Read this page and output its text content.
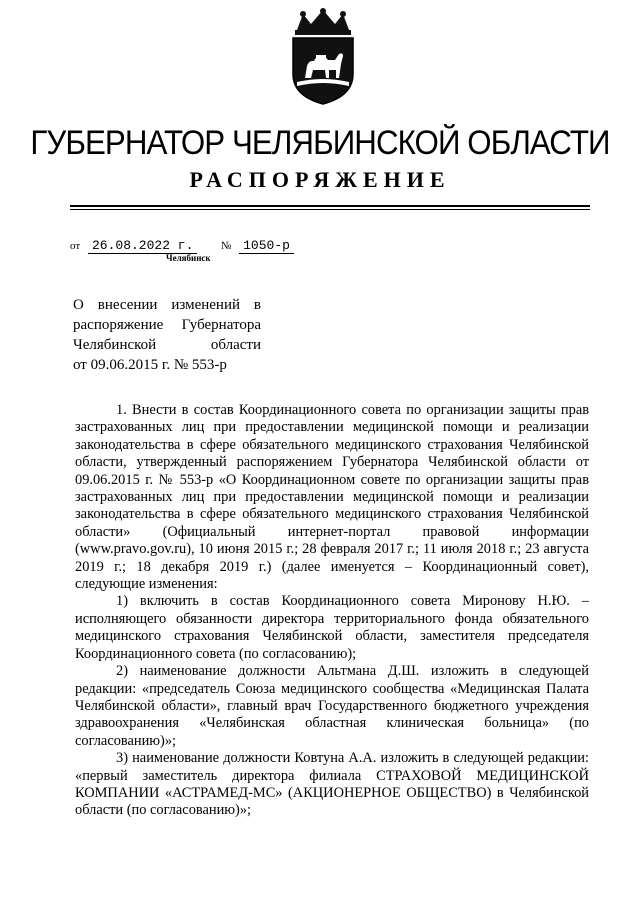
ГУБЕРНАТОР ЧЕЛЯБИНСКОЙ ОБЛАСТИ
РАСПОРЯЖЕНИЕ
от 26.08.2022 г. № 1050-р
Челябинск

О внесении изменений в

распоряжение Губернатора

Челябинской области

от 09.06.2015 г. № 553-р

1. Внести в состав Координационного совета по организации защиты прав застрахованных лиц при предоставлении медицинской помощи и реализации законодательства в сфере обязательного медицинского страхования Челябинской области, утвержденный распоряжением Губернатора Челябинской области от 09.06.2015 г. № 553-р «О Координационном совете по организации защиты прав застрахованных лиц при предоставлении медицинской помощи и реализации законодательства в сфере обязательного медицинского страхования Челябинской области» (Официальный интернет-портал правовой информации (www.pravo.gov.ru), 10 июня 2015 г.; 28 февраля 2017 г.; 11 июля 2018 г.; 23 августа 2019 г.; 18 декабря 2019 г.) (далее именуется – Координационный совет), следующие изменения:

1) включить в состав Координационного совета Миронову Н.Ю. – исполняющего обязанности директора территориального фонда обязательного медицинского страхования Челябинской области, заместителя председателя Координационного совета (по согласованию);

2) наименование должности Альтмана Д.Ш. изложить в следующей редакции: «председатель Союза медицинского сообщества «Медицинская Палата Челябинской области», главный врач Государственного бюджетного учреждения здравоохранения «Челябинская областная клиническая больница» (по согласованию)»;

3) наименование должности Ковтуна А.А. изложить в следующей редакции: «первый заместитель директора филиала СТРАХОВОЙ МЕДИЦИНСКОЙ КОМПАНИИ «АСТРАМЕД-МС» (АКЦИОНЕРНОЕ ОБЩЕСТВО) в Челябинской области (по согласованию)»;
